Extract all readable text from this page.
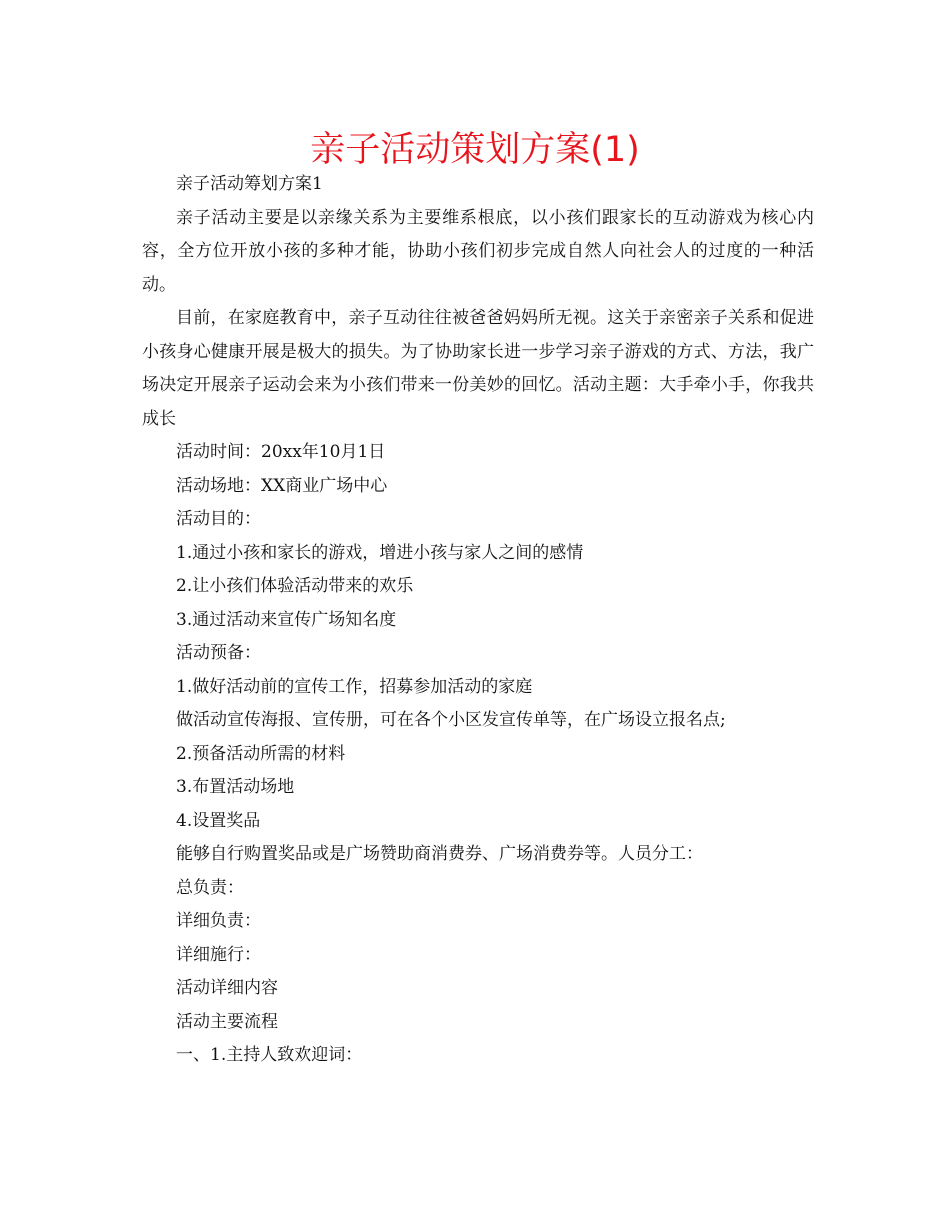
亲子活动策划方案(1)

亲子活动筹划方案1

亲子活动主要是以亲缘关系为主要维系根底，以小孩们跟家长的互动游戏为核心内容，全方位开放小孩的多种才能，协助小孩们初步完成自然人向社会人的过度的一种活动。

目前，在家庭教育中，亲子互动往往被爸爸妈妈所无视。这关于亲密亲子关系和促进小孩身心健康开展是极大的损失。为了协助家长进一步学习亲子游戏的方式、方法，我广场决定开展亲子运动会来为小孩们带来一份美妙的回忆。活动主题：大手牵小手，你我共成长

活动时间：20xx年10月1日

活动场地：XX商业广场中心

活动目的：

1.通过小孩和家长的游戏，增进小孩与家人之间的感情

2.让小孩们体验活动带来的欢乐

3.通过活动来宣传广场知名度

活动预备：

1.做好活动前的宣传工作，招募参加活动的家庭

做活动宣传海报、宣传册，可在各个小区发宣传单等，在广场设立报名点;

2.预备活动所需的材料

3.布置活动场地

4.设置奖品

能够自行购置奖品或是广场赞助商消费券、广场消费券等。人员分工：

总负责：

详细负责：

详细施行：

活动详细内容

活动主要流程

一、1.主持人致欢迎词：
